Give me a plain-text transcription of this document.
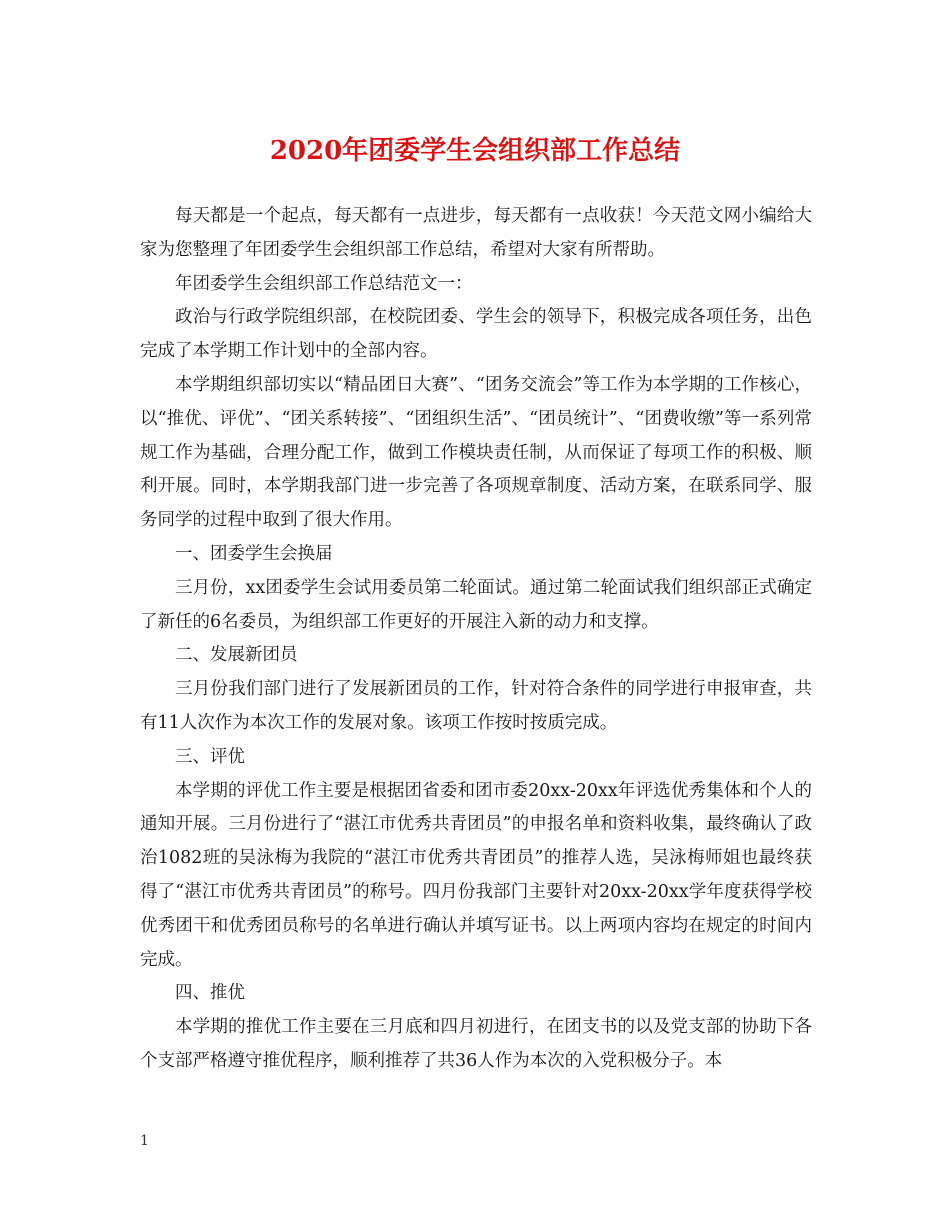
2020年团委学生会组织部工作总结

每天都是一个起点，每天都有一点进步，每天都有一点收获！今天范文网小编给大家为您整理了年团委学生会组织部工作总结，希望对大家有所帮助。

年团委学生会组织部工作总结范文一：

政治与行政学院组织部，在校院团委、学生会的领导下，积极完成各项任务，出色完成了本学期工作计划中的全部内容。

本学期组织部切实以“精品团日大赛”、“团务交流会”等工作为本学期的工作核心，以“推优、评优”、“团关系转接”、“团组织生活”、“团员统计”、“团费收缴”等一系列常规工作为基础，合理分配工作，做到工作模块责任制，从而保证了每项工作的积极、顺利开展。同时，本学期我部门进一步完善了各项规章制度、活动方案，在联系同学、服务同学的过程中取到了很大作用。

一、团委学生会换届

三月份，xx团委学生会试用委员第二轮面试。通过第二轮面试我们组织部正式确定了新任的6名委员，为组织部工作更好的开展注入新的动力和支撑。

二、发展新团员

三月份我们部门进行了发展新团员的工作，针对符合条件的同学进行申报审查，共有11人次作为本次工作的发展对象。该项工作按时按质完成。

三、评优

本学期的评优工作主要是根据团省委和团市委20xx-20xx年评选优秀集体和个人的通知开展。三月份进行了“湛江市优秀共青团员”的申报名单和资料收集，最终确认了政治1082班的吴泳梅为我院的“湛江市优秀共青团员”的推荐人选，吴泳梅师姐也最终获得了“湛江市优秀共青团员”的称号。四月份我部门主要针对20xx-20xx学年度获得学校优秀团干和优秀团员称号的名单进行确认并填写证书。以上两项内容均在规定的时间内完成。

四、推优

本学期的推优工作主要在三月底和四月初进行，在团支书的以及党支部的协助下各个支部严格遵守推优程序，顺利推荐了共36人作为本次的入党积极分子。本

1
